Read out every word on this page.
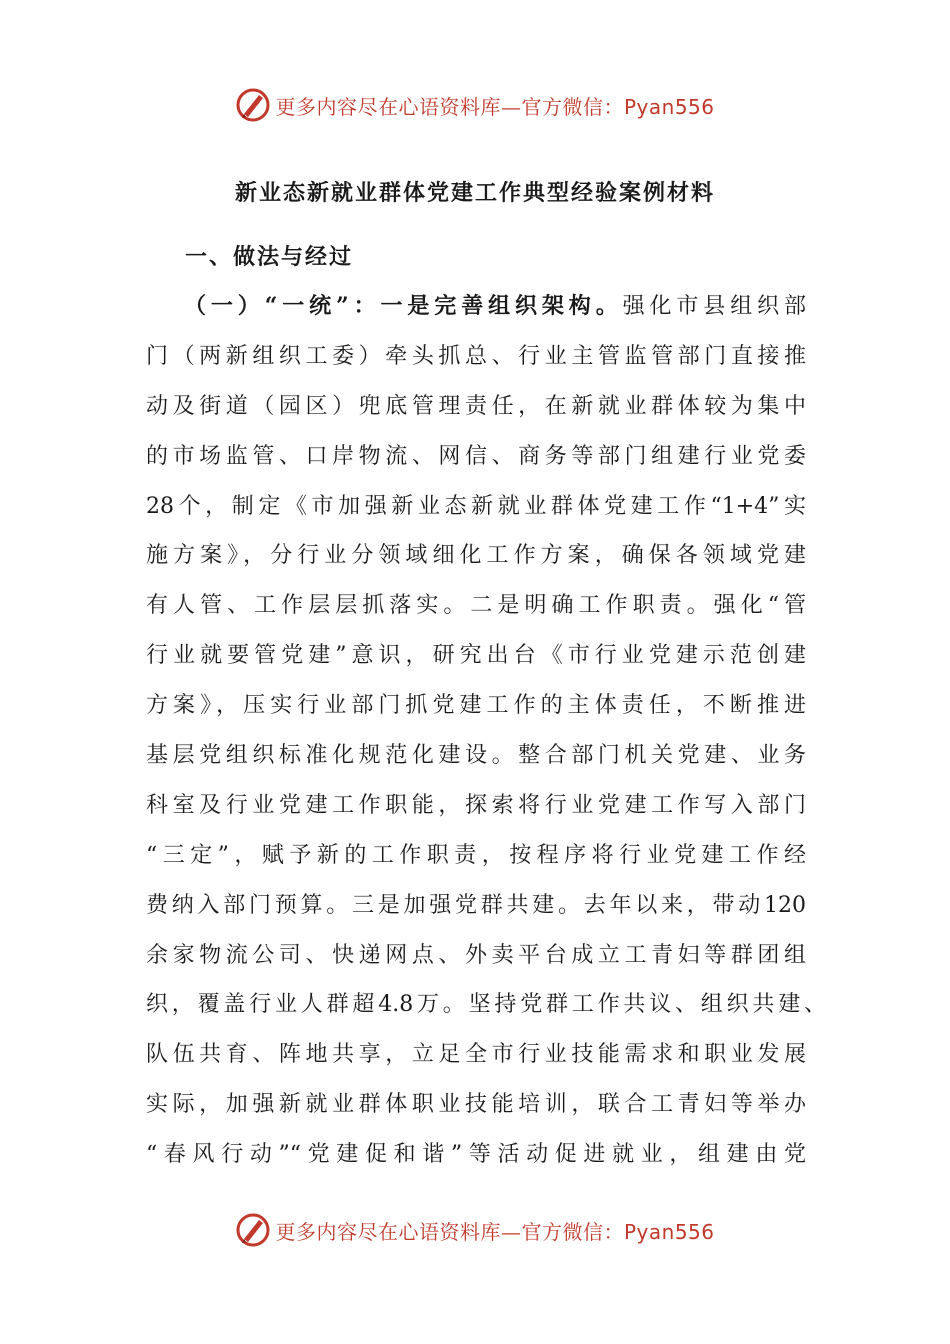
更多内容尽在心语资料库—官方微信：Pyan556
新业态新就业群体党建工作典型经验案例材料
一、做法与经过
（一）“一统”：一是完善组织架构。强化市县组织部
门（两新组织工委）牵头抓总、行业主管监管部门直接推
动及街道（园区）兜底管理责任，在新就业群体较为集中
的市场监管、口岸物流、网信、商务等部门组建行业党委
28个，制定《市加强新业态新就业群体党建工作“1+4”实
施方案》，分行业分领域细化工作方案，确保各领域党建
有人管、工作层层抓落实。二是明确工作职责。强化“管
行业就要管党建”意识，研究出台《市行业党建示范创建
方案》，压实行业部门抓党建工作的主体责任，不断推进
基层党组织标准化规范化建设。整合部门机关党建、业务
科室及行业党建工作职能，探索将行业党建工作写入部门
“三定”，赋予新的工作职责，按程序将行业党建工作经
费纳入部门预算。三是加强党群共建。去年以来，带动120
余家物流公司、快递网点、外卖平台成立工青妇等群团组
织，覆盖行业人群超4.8万。坚持党群工作共议、组织共建、
队伍共育、阵地共享，立足全市行业技能需求和职业发展
实际，加强新就业群体职业技能培训，联合工青妇等举办
“春风行动”“党建促和谐”等活动促进就业，组建由党
更多内容尽在心语资料库—官方微信：Pyan556
